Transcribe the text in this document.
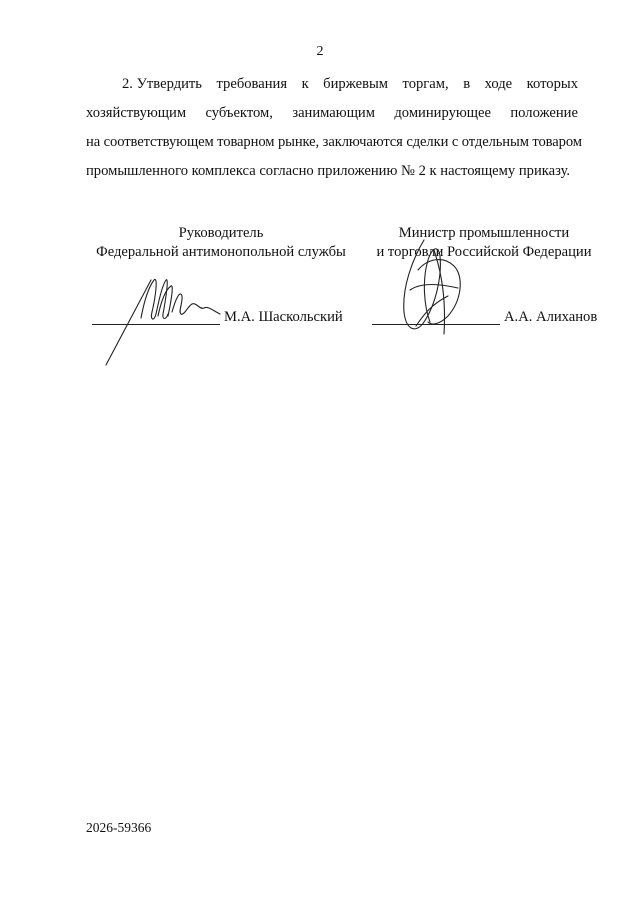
2
2. Утвердить требования к биржевым торгам, в ходе которых
хозяйствующим субъектом, занимающим доминирующее положение
на соответствующем товарном рынке, заключаются сделки с отдельным товаром
промышленного комплекса согласно приложению № 2 к настоящему приказу.
Руководитель
Федеральной антимонопольной службы
Министр промышленности
и торговли Российской Федерации
М.А. Шаскольский	А.А. Алиханов
2026-59366
